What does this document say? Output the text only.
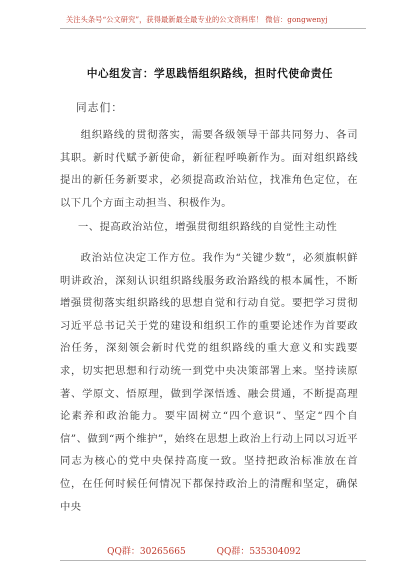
关注头条号“公文研究”，获得最新最全最专业的公文资料库！ 微信：gongwenyj
中心组发言：学思践悟组织路线，担时代使命责任
同志们：

组织路线的贯彻落实，需要各级领导干部共同努力、各司其职。新时代赋予新使命，新征程呼唤新作为。面对组织路线提出的新任务新要求，必须提高政治站位，找准角色定位，在以下几个方面主动担当、积极作为。

一、提高政治站位，增强贯彻组织路线的自觉性主动性

政治站位决定工作方位。我作为“关键少数”，必须旗帜鲜明讲政治，深刻认识组织路线服务政治路线的根本属性，不断增强贯彻落实组织路线的思想自觉和行动自觉。要把学习贯彻习近平总书记关于党的建设和组织工作的重要论述作为首要政治任务，深刻领会新时代党的组织路线的重大意义和实践要求，切实把思想和行动统一到党中央决策部署上来。坚持读原著、学原文、悟原理，做到学深悟透、融会贯通，不断提高理论素养和政治能力。要牢固树立“四个意识”、坚定“四个自信”、做到“两个维护”，始终在思想上政治上行动上同以习近平同志为核心的党中央保持高度一致。坚持把政治标准放在首位，在任何时候任何情况下都保持政治上的清醒和坚定，确保中央

QQ群：30265665	QQ群：535304092
